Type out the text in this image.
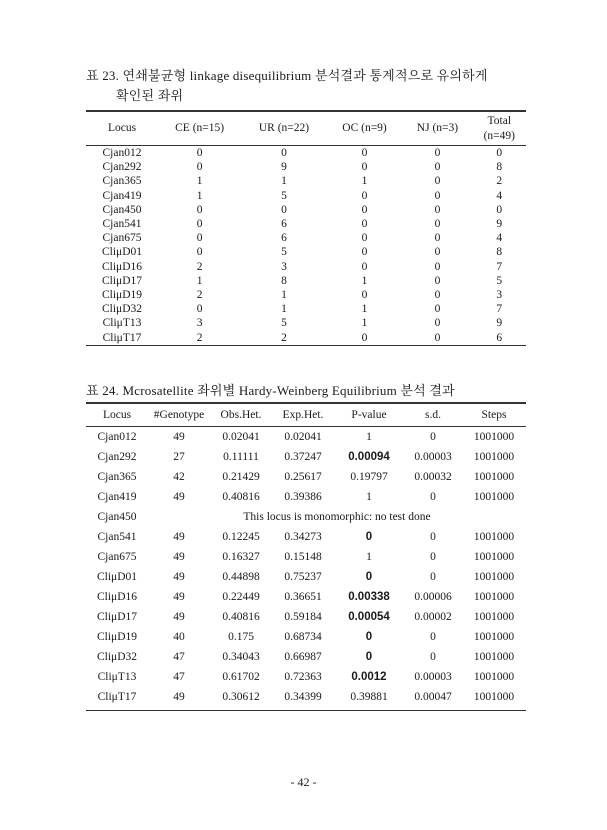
표 23. 연쇄불균형 linkage disequilibrium 분석결과 통계적으로 유의하게
확인된 좌위
Locus	CE (n=15)	UR (n=22)	OC (n=9)	NJ (n=3)	Total
(n=49)
Cjan012	0	0	0	0	0
Cjan292	0	9	0	0	8
Cjan365	1	1	1	0	2
Cjan419	1	5	0	0	4
Cjan450	0	0	0	0	0
Cjan541	0	6	0	0	9
Cjan675	0	6	0	0	4
CliμD01	0	5	0	0	8
CliμD16	2	3	0	0	7
CliμD17	1	8	1	0	5
CliμD19	2	1	0	0	3
CliμD32	0	1	1	0	7
CliμT13	3	5	1	0	9
CliμT17	2	2	0	0	6
표 24. Mcrosatellite 좌위별 Hardy-Weinberg Equilibrium 분석 결과
Locus	#Genotype	Obs.Het.	Exp.Het.	P-value	s.d.	Steps
Cjan012	49	0.02041	0.02041	1	0	1001000
Cjan292	27	0.11111	0.37247	0.00094	0.00003	1001000
Cjan365	42	0.21429	0.25617	0.19797	0.00032	1001000
Cjan419	49	0.40816	0.39386	1	0	1001000
Cjan450	This locus is monomorphic: no test done					
Cjan541	49	0.12245	0.34273	0	0	1001000
Cjan675	49	0.16327	0.15148	1	0	1001000
CliμD01	49	0.44898	0.75237	0	0	1001000
CliμD16	49	0.22449	0.36651	0.00338	0.00006	1001000
CliμD17	49	0.40816	0.59184	0.00054	0.00002	1001000
CliμD19	40	0.175	0.68734	0	0	1001000
CliμD32	47	0.34043	0.66987	0	0	1001000
CliμT13	47	0.61702	0.72363	0.0012	0.00003	1001000
CliμT17	49	0.30612	0.34399	0.39881	0.00047	1001000
- 42 -
